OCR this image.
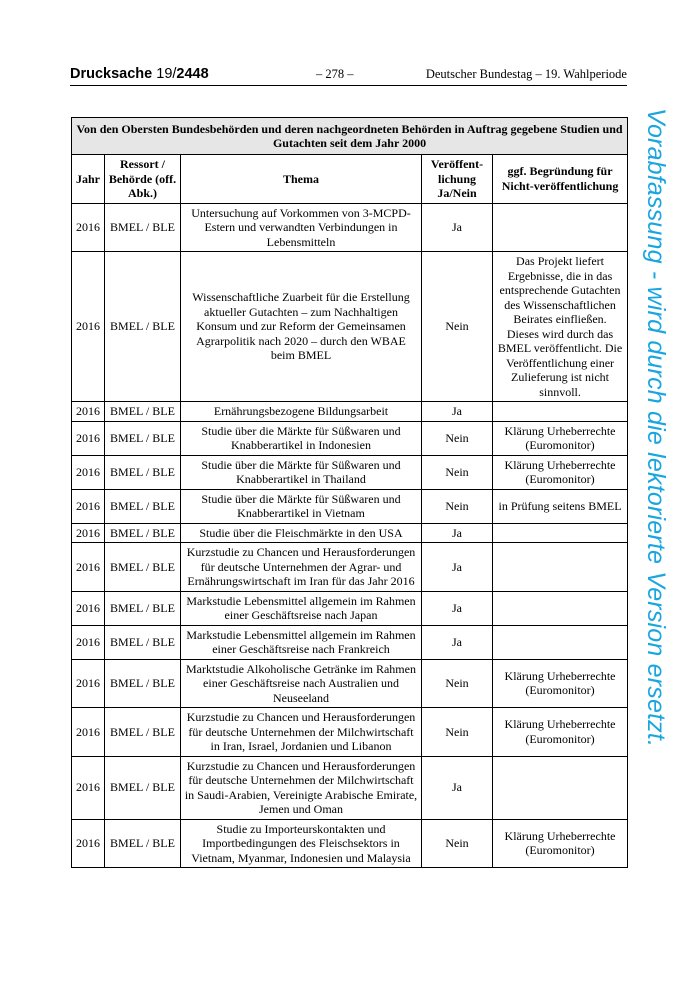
Drucksache 19/2448	– 278 –	Deutscher Bundestag – 19. Wahlperiode
Von den Obersten Bundesbehörden und deren nachgeordneten Behörden in Auftrag gegebene Studien und Gutachten seit dem Jahr 2000				
Jahr	Ressort / Behörde (off. Abk.)	Thema	Veröffent-lichung Ja/Nein	ggf. Begründung für Nicht-veröffentlichung
2016	BMEL / BLE	Untersuchung auf Vorkommen von 3-MCPD-Estern und verwandten Verbindungen in Lebensmitteln	Ja	
2016	BMEL / BLE	Wissenschaftliche Zuarbeit für die Erstellung aktueller Gutachten – zum Nachhaltigen Konsum und zur Reform der Gemeinsamen Agrarpolitik nach 2020 – durch den WBAE beim BMEL	Nein	Das Projekt liefert Ergebnisse, die in das entsprechende Gutachten des Wissenschaftlichen Beirates einfließen. Dieses wird durch das BMEL veröffentlicht. Die Veröffentlichung einer Zulieferung ist nicht sinnvoll.
2016	BMEL / BLE	Ernährungsbezogene Bildungsarbeit	Ja	
2016	BMEL / BLE	Studie über die Märkte für Süßwaren und Knabberartikel in Indonesien	Nein	Klärung Urheberrechte (Euromonitor)
2016	BMEL / BLE	Studie über die Märkte für Süßwaren und Knabberartikel in Thailand	Nein	Klärung Urheberrechte (Euromonitor)
2016	BMEL / BLE	Studie über die Märkte für Süßwaren und Knabberartikel in Vietnam	Nein	in Prüfung seitens BMEL
2016	BMEL / BLE	Studie über die Fleischmärkte in den USA	Ja	
2016	BMEL / BLE	Kurzstudie zu Chancen und Herausforderungen für deutsche Unternehmen der Agrar- und Ernährungswirtschaft im Iran für das Jahr 2016	Ja	
2016	BMEL / BLE	Markstudie Lebensmittel allgemein im Rahmen einer Geschäftsreise nach Japan	Ja	
2016	BMEL / BLE	Markstudie Lebensmittel allgemein im Rahmen einer Geschäftsreise nach Frankreich	Ja	
2016	BMEL / BLE	Marktstudie Alkoholische Getränke im Rahmen einer Geschäftsreise nach Australien und Neuseeland	Nein	Klärung Urheberrechte (Euromonitor)
2016	BMEL / BLE	Kurzstudie zu Chancen und Herausforderungen für deutsche Unternehmen der Milchwirtschaft in Iran, Israel, Jordanien und Libanon	Nein	Klärung Urheberrechte (Euromonitor)
2016	BMEL / BLE	Kurzstudie zu Chancen und Herausforderungen für deutsche Unternehmen der Milchwirtschaft in Saudi-Arabien, Vereinigte Arabische Emirate, Jemen und Oman	Ja	
2016	BMEL / BLE	Studie zu Importeurskontakten und Importbedingungen des Fleischsektors in Vietnam, Myanmar, Indonesien und Malaysia	Nein	Klärung Urheberrechte (Euromonitor)
Vorabfassung - wird durch die lektorierte Version ersetzt.
